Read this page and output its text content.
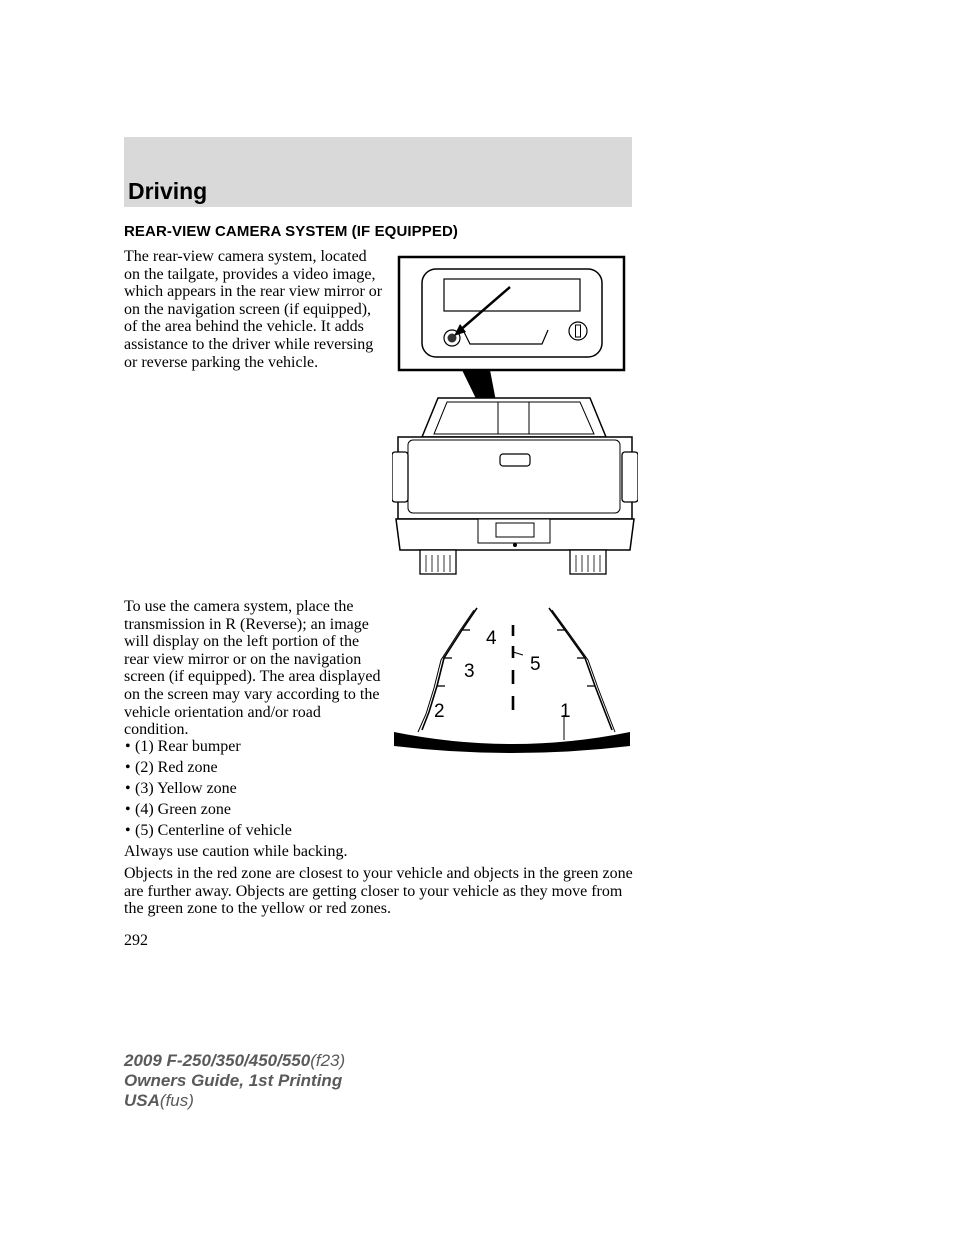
Driving
REAR-VIEW CAMERA SYSTEM (IF EQUIPPED)
The rear-view camera system, located on the tailgate, provides a video image, which appears in the rear view mirror or on the navigation screen (if equipped), of the area behind the vehicle. It adds assistance to the driver while reversing or reverse parking the vehicle.
To use the camera system, place the transmission in R (Reverse); an image will display on the left portion of the rear view mirror or on the navigation screen (if equipped). The area displayed on the screen may vary according to the vehicle orientation and/or road condition.
4
5
3
2	1
• (1) Rear bumper
• (2) Red zone
• (3) Yellow zone
• (4) Green zone
• (5) Centerline of vehicle
Always use caution while backing.
Objects in the red zone are closest to your vehicle and objects in the green zone are further away. Objects are getting closer to your vehicle as they move from the green zone to the yellow or red zones.
292
2009 F-250/350/450/550(f23)
Owners Guide, 1st Printing
USA(fus)
